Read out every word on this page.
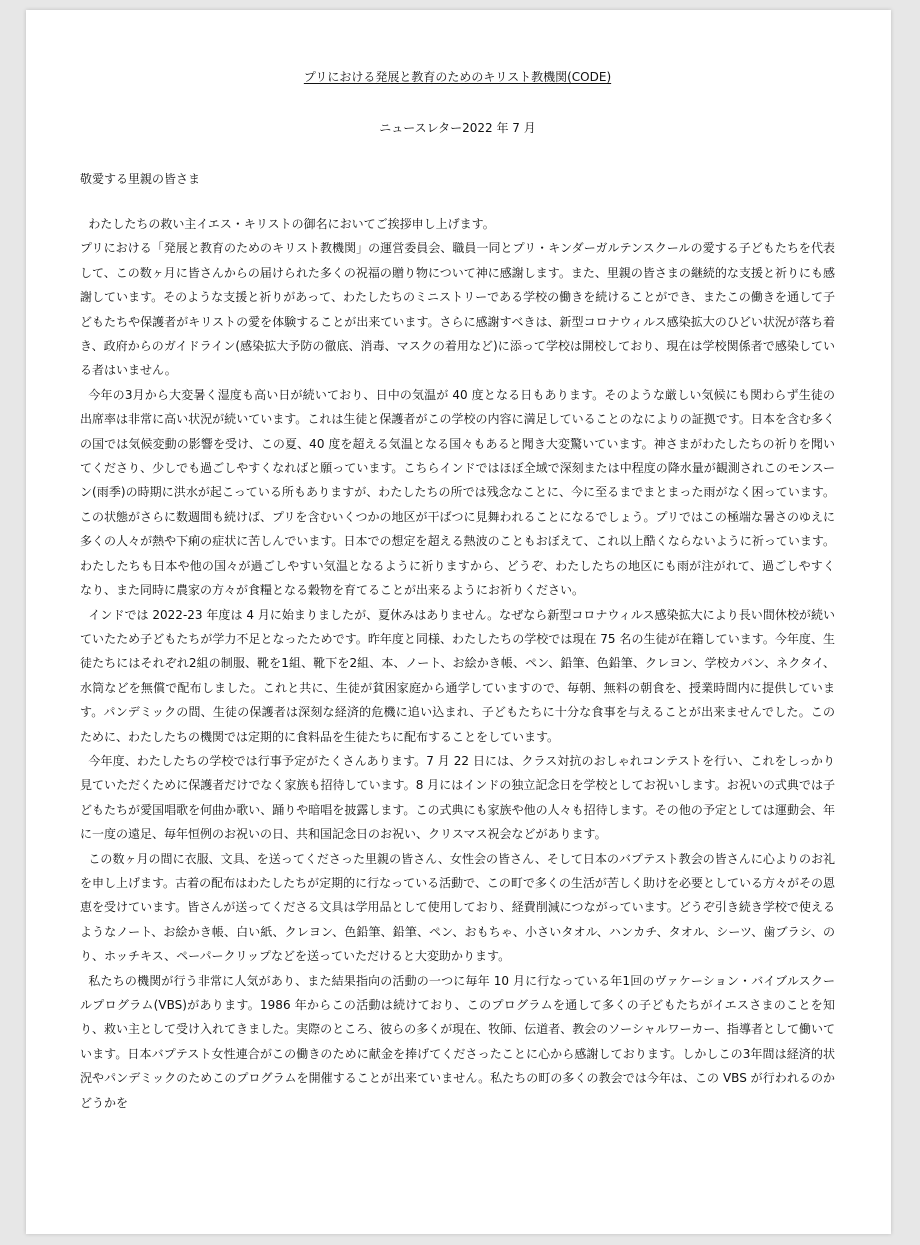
プリにおける発展と教育のためのキリスト教機関(CODE)

ニュースレター2022 年 7 月

敬愛する里親の皆さま

わたしたちの救い主イエス・キリストの御名においてご挨拶申し上げます。

プリにおける「発展と教育のためのキリスト教機関」の運営委員会、職員一同とプリ・キンダーガルテンスクールの愛する子どもたちを代表して、この数ヶ月に皆さんからの届けられた多くの祝福の贈り物について神に感謝します。また、里親の皆さまの継続的な支援と祈りにも感謝しています。そのような支援と祈りがあって、わたしたちのミニストリーである学校の働きを続けることができ、またこの働きを通して子どもたちや保護者がキリストの愛を体験することが出来ています。さらに感謝すべきは、新型コロナウィルス感染拡大のひどい状況が落ち着き、政府からのガイドライン(感染拡大予防の徹底、消毒、マスクの着用など)に添って学校は開校しており、現在は学校関係者で感染している者はいません。

今年の3月から大変暑く湿度も高い日が続いており、日中の気温が 40 度となる日もあります。そのような厳しい気候にも関わらず生徒の出席率は非常に高い状況が続いています。これは生徒と保護者がこの学校の内容に満足していることのなによりの証拠です。日本を含む多くの国では気候変動の影響を受け、この夏、40 度を超える気温となる国々もあると聞き大変驚いています。神さまがわたしたちの祈りを聞いてくださり、少しでも過ごしやすくなればと願っています。こちらインドではほぼ全域で深刻または中程度の降水量が観測されこのモンスーン(雨季)の時期に洪水が起こっている所もありますが、わたしたちの所では残念なことに、今に至るまでまとまった雨がなく困っています。この状態がさらに数週間も続けば、プリを含むいくつかの地区が干ばつに見舞われることになるでしょう。プリではこの極端な暑さのゆえに多くの人々が熱や下痢の症状に苦しんでいます。日本での想定を超える熱波のこともおぼえて、これ以上酷くならないように祈っています。わたしたちも日本や他の国々が過ごしやすい気温となるように祈りますから、どうぞ、わたしたちの地区にも雨が注がれて、過ごしやすくなり、また同時に農家の方々が食糧となる穀物を育てることが出来るようにお祈りください。

インドでは 2022-23 年度は 4 月に始まりましたが、夏休みはありません。なぜなら新型コロナウィルス感染拡大により長い間休校が続いていたため子どもたちが学力不足となったためです。昨年度と同様、わたしたちの学校では現在 75 名の生徒が在籍しています。今年度、生徒たちにはそれぞれ2組の制服、靴を1組、靴下を2組、本、ノート、お絵かき帳、ペン、鉛筆、色鉛筆、クレヨン、学校カバン、ネクタイ、水筒などを無償で配布しました。これと共に、生徒が貧困家庭から通学していますので、毎朝、無料の朝食を、授業時間内に提供しています。パンデミックの間、生徒の保護者は深刻な経済的危機に追い込まれ、子どもたちに十分な食事を与えることが出来ませんでした。このために、わたしたちの機関では定期的に食料品を生徒たちに配布することをしています。

今年度、わたしたちの学校では行事予定がたくさんあります。7 月 22 日には、クラス対抗のおしゃれコンテストを行い、これをしっかり見ていただくために保護者だけでなく家族も招待しています。8 月にはインドの独立記念日を学校としてお祝いします。お祝いの式典では子どもたちが愛国唱歌を何曲か歌い、踊りや暗唱を披露します。この式典にも家族や他の人々も招待します。その他の予定としては運動会、年に一度の遠足、毎年恒例のお祝いの日、共和国記念日のお祝い、クリスマス祝会などがあります。

この数ヶ月の間に衣服、文具、を送ってくださった里親の皆さん、女性会の皆さん、そして日本のバプテスト教会の皆さんに心よりのお礼を申し上げます。古着の配布はわたしたちが定期的に行なっている活動で、この町で多くの生活が苦しく助けを必要としている方々がその恩恵を受けています。皆さんが送ってくださる文具は学用品として使用しており、経費削減につながっています。どうぞ引き続き学校で使えるようなノート、お絵かき帳、白い紙、クレヨン、色鉛筆、鉛筆、ペン、おもちゃ、小さいタオル、ハンカチ、タオル、シーツ、歯ブラシ、のり、ホッチキス、ペーパークリップなどを送っていただけると大変助かります。

私たちの機関が行う非常に人気があり、また結果指向の活動の一つに毎年 10 月に行なっている年1回のヴァケーション・バイブルスクールプログラム(VBS)があります。1986 年からこの活動は続けており、このプログラムを通して多くの子どもたちがイエスさまのことを知り、救い主として受け入れてきました。実際のところ、彼らの多くが現在、牧師、伝道者、教会のソーシャルワーカー、指導者として働いています。日本バプテスト女性連合がこの働きのために献金を捧げてくださったことに心から感謝しております。しかしこの3年間は経済的状況やパンデミックのためこのプログラムを開催することが出来ていません。私たちの町の多くの教会では今年は、この VBS が行われるのかどうかを
